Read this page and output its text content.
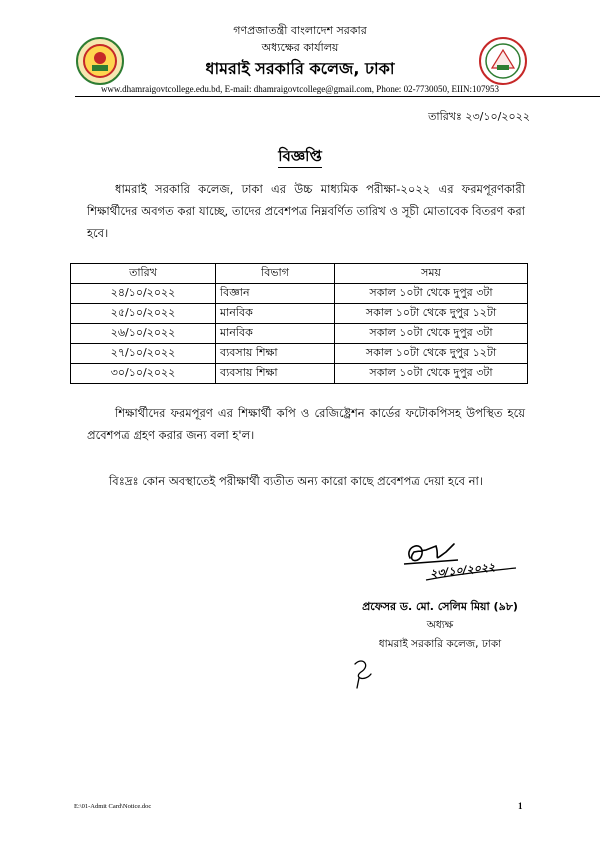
গণপ্রজাতন্ত্রী বাংলাদেশ সরকার
অধ্যক্ষের কার্যালয়
ধামরাই সরকারি কলেজ, ঢাকা
www.dhamraigovtcollege.edu.bd, E-mail: dhamraigovtcollege@gmail.com, Phone: 02-7730050, EIIN:107953
তারিখঃ ২৩/১০/২০২২
বিজ্ঞপ্তি
ধামরাই সরকারি কলেজ, ঢাকা এর উচ্চ মাধ্যমিক পরীক্ষা-২০২২ এর ফরমপূরণকারী শিক্ষার্থীদের অবগত করা যাচ্ছে, তাদের প্রবেশপত্র নিম্নবর্ণিত তারিখ ও সূচী মোতাবেক বিতরণ করা হবে।
তারিখ	বিভাগ	সময়
২৪/১০/২০২২	বিজ্ঞান	সকাল ১০টা থেকে দুপুর ৩টা
২৫/১০/২০২২	মানবিক	সকাল ১০টা থেকে দুপুর ১২টা
২৬/১০/২০২২	মানবিক	সকাল ১০টা থেকে দুপুর ৩টা
২৭/১০/২০২২	ব্যবসায় শিক্ষা	সকাল ১০টা থেকে দুপুর ১২টা
৩০/১০/২০২২	ব্যবসায় শিক্ষা	সকাল ১০টা থেকে দুপুর ৩টা
শিক্ষার্থীদের ফরমপূরণ এর শিক্ষার্থী কপি ও রেজিষ্ট্রেশন কার্ডের ফটোকপিসহ উপস্থিত হয়ে প্রবেশপত্র গ্রহণ করার জন্য বলা হ'ল।
বিঃদ্রঃ কোন অবস্থাতেই পরীক্ষার্থী ব্যতীত অন্য কারো কাছে প্রবেশপত্র দেয়া হবে না।
২৩/১০/২০২২
প্রফেসর ড. মো. সেলিম মিয়া (৯৮)
অধ্যক্ষ
ধামরাই সরকারি কলেজ, ঢাকা
E:\01-Admit Card\Notice.doc	1
